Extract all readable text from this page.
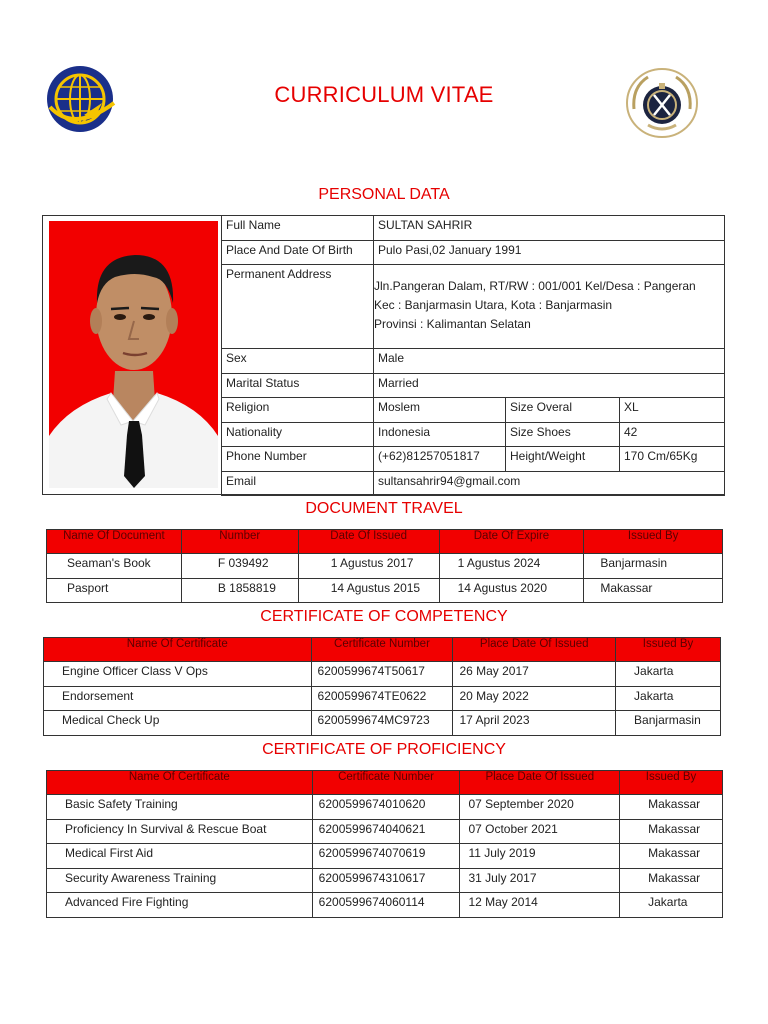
CURRICULUM VITAE
PERSONAL DATA
Full Name	SULTAN SAHRIR		
Place And Date Of Birth	Pulo Pasi,02 January 1991		
Permanent Address	Jln.Pangeran Dalam, RT/RW : 001/001 Kel/Desa : Pangeran
Kec : Banjarmasin Utara, Kota : Banjarmasin
Provinsi : Kalimantan Selatan		

Sex	Male		
Marital Status	Married		
Religion	Moslem	Size Overal	XL
Nationality	Indonesia	Size Shoes	42
Phone Number	(+62)81257051817	Height/Weight	170 Cm/65Kg
Email	sultansahrir94@gmail.com		
DOCUMENT TRAVEL
Name Of Document	Number	Date Of Issued	Date Of Expire	Issued By
Seaman's Book	F 039492	1 Agustus 2017	1 Agustus 2024	Banjarmasin
Pasport	B 1858819	14 Agustus 2015	14 Agustus 2020	Makassar
CERTIFICATE OF COMPETENCY
Name Of Certificate	Certificate Number	Place Date Of Issued	Issued By
Engine Officer Class V Ops	6200599674T50617	26 May 2017	Jakarta
Endorsement	6200599674TE0622	20 May 2022	Jakarta
Medical Check Up	6200599674MC9723	17 April 2023	Banjarmasin
CERTIFICATE OF PROFICIENCY
Name Of Certificate	Certificate Number	Place Date Of Issued	Issued By
Basic Safety Training	6200599674010620	07 September 2020	Makassar
Proficiency In Survival & Rescue Boat	6200599674040621	07 October 2021	Makassar
Medical First Aid	6200599674070619	11 July 2019	Makassar
Security Awareness Training	6200599674310617	31 July 2017	Makassar
Advanced Fire Fighting	6200599674060114	12 May 2014	Jakarta
